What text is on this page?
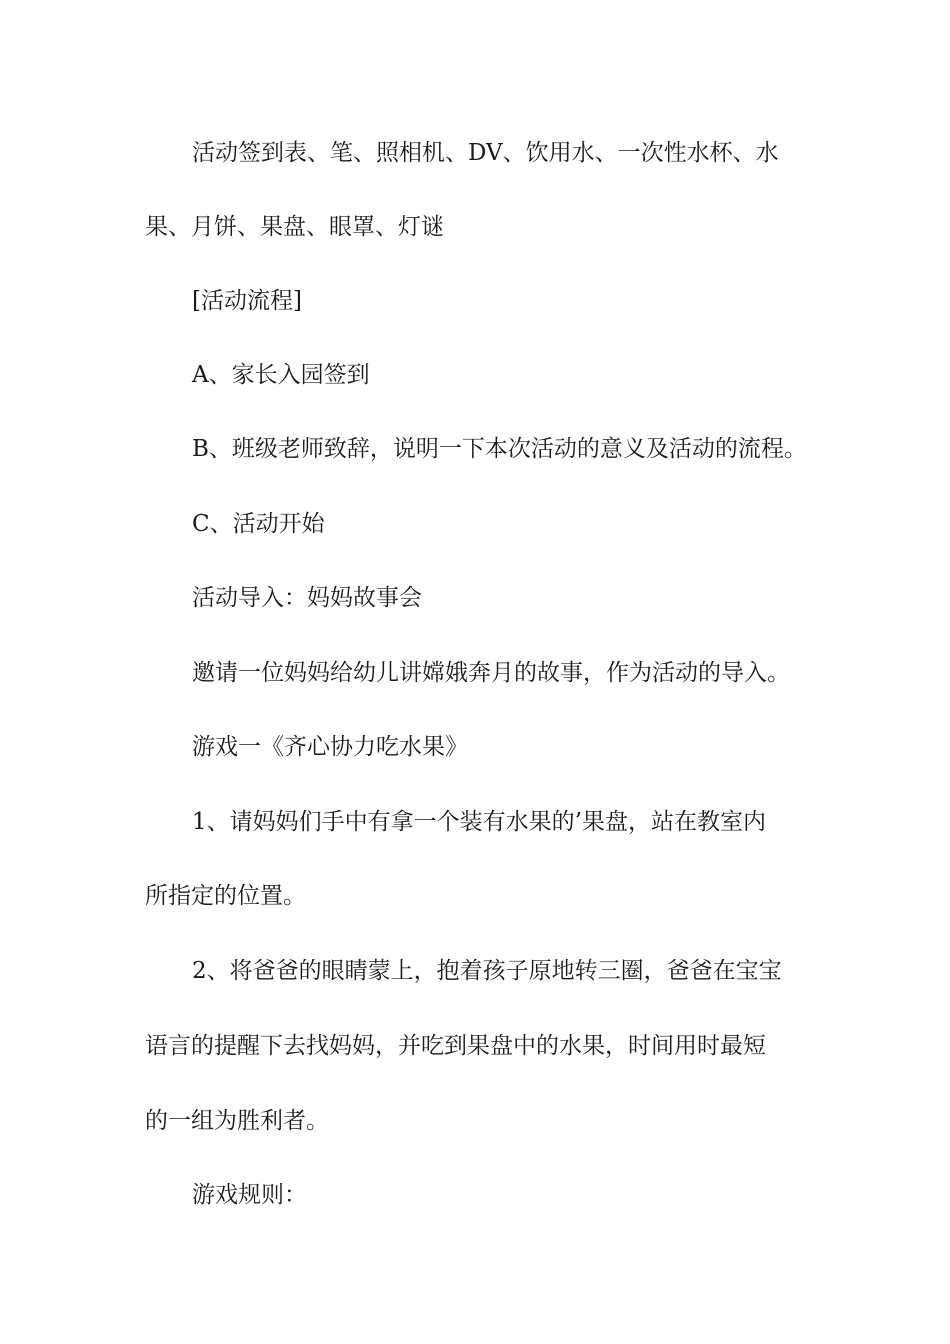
活动签到表、笔、照相机、DV、饮用水、一次性水杯、水
果、月饼、果盘、眼罩、灯谜
[活动流程]
A、家长入园签到
B、班级老师致辞，说明一下本次活动的意义及活动的流程。
C、活动开始
活动导入：妈妈故事会
邀请一位妈妈给幼儿讲嫦娥奔月的故事，作为活动的导入。
游戏一《齐心协力吃水果》
1、请妈妈们手中有拿一个装有水果的’果盘，站在教室内
所指定的位置。
2、将爸爸的眼睛蒙上，抱着孩子原地转三圈，爸爸在宝宝
语言的提醒下去找妈妈，并吃到果盘中的水果，时间用时最短
的一组为胜利者。
游戏规则：
